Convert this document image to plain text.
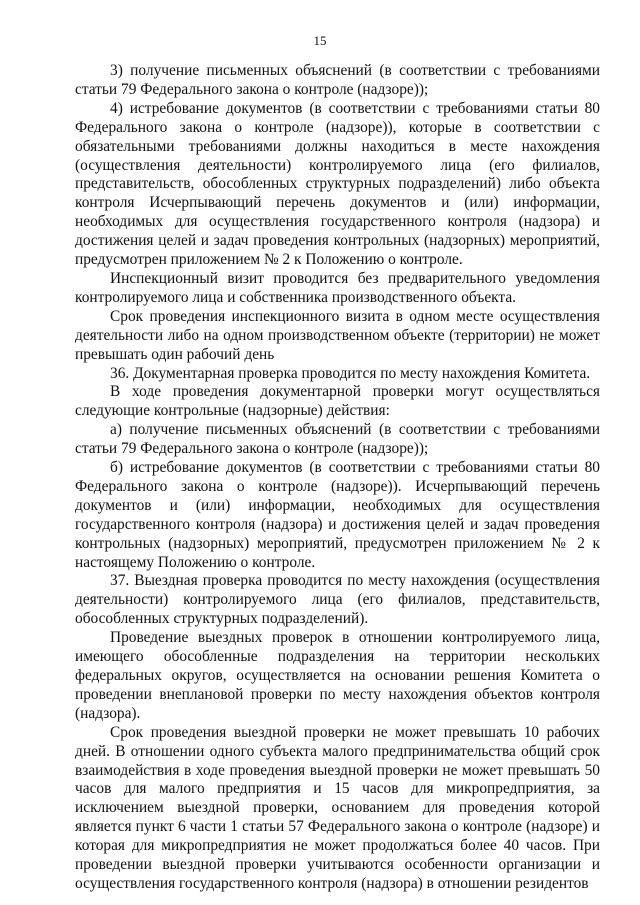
15

3) получение письменных объяснений (в соответствии с требованиями статьи 79 Федерального закона о контроле (надзоре));

4) истребование документов (в соответствии с требованиями статьи 80 Федерального закона о контроле (надзоре)), которые в соответствии с обязательными требованиями должны находиться в месте нахождения (осуществления деятельности) контролируемого лица (его филиалов, представительств, обособленных структурных подразделений) либо объекта контроля Исчерпывающий перечень документов и (или) информации, необходимых для осуществления государственного контроля (надзора) и достижения целей и задач проведения контрольных (надзорных) мероприятий, предусмотрен приложением № 2 к Положению о контроле.

Инспекционный визит проводится без предварительного уведомления контролируемого лица и собственника производственного объекта.

Срок проведения инспекционного визита в одном месте осуществления деятельности либо на одном производственном объекте (территории) не может превышать один рабочий день

36. Документарная проверка проводится по месту нахождения Комитета.

В ходе проведения документарной проверки могут осуществляться следующие контрольные (надзорные) действия:

а) получение письменных объяснений (в соответствии с требованиями статьи 79 Федерального закона о контроле (надзоре));

б) истребование документов (в соответствии с требованиями статьи 80 Федерального закона о контроле (надзоре)). Исчерпывающий перечень документов и (или) информации, необходимых для осуществления государственного контроля (надзора) и достижения целей и задач проведения контрольных (надзорных) мероприятий, предусмотрен приложением № 2 к настоящему Положению о контроле.

37. Выездная проверка проводится по месту нахождения (осуществления деятельности) контролируемого лица (его филиалов, представительств, обособленных структурных подразделений).

Проведение выездных проверок в отношении контролируемого лица, имеющего обособленные подразделения на территории нескольких федеральных округов, осуществляется на основании решения Комитета о проведении внеплановой проверки по месту нахождения объектов контроля (надзора).

Срок проведения выездной проверки не может превышать 10 рабочих дней. В отношении одного субъекта малого предпринимательства общий срок взаимодействия в ходе проведения выездной проверки не может превышать 50 часов для малого предприятия и 15 часов для микропредприятия, за исключением выездной проверки, основанием для проведения которой является пункт 6 части 1 статьи 57 Федерального закона о контроле (надзоре) и которая для микропредприятия не может продолжаться более 40 часов. При проведении выездной проверки учитываются особенности организации и осуществления государственного контроля (надзора) в отношении резидентов
